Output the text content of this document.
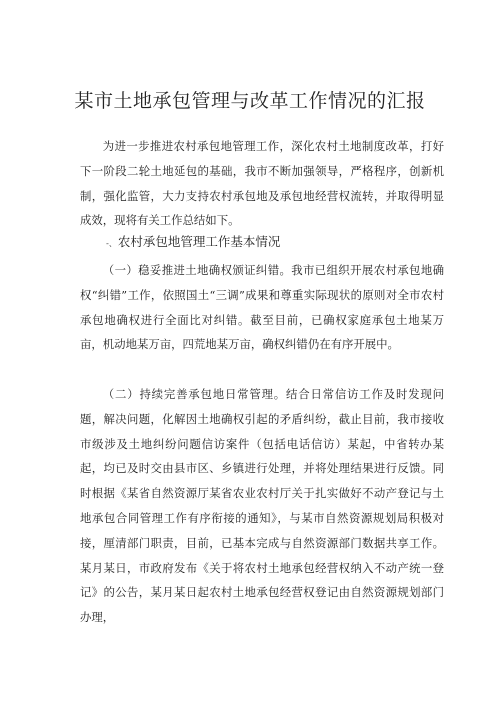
某市土地承包管理与改革工作情况的汇报

为进一步推进农村承包地管理工作，深化农村土地制度改革，打好下一阶段二轮土地延包的基础，我市不断加强领导，严格程序，创新机制，强化监管，大力支持农村承包地及承包地经营权流转，并取得明显成效，现将有关工作总结如下。

-、农村承包地管理工作基本情况

（一）稳妥推进土地确权颁证纠错。我市已组织开展农村承包地确权“纠错”工作，依照国土“三调”成果和尊重实际现状的原则对全市农村承包地确权进行全面比对纠错。截至目前，已确权家庭承包土地某万亩，机动地某万亩，四荒地某万亩，确权纠错仍在有序开展中。

（二）持续完善承包地日常管理。结合日常信访工作及时发现问题，解决问题，化解因土地确权引起的矛盾纠纷，截止目前，我市接收市级涉及土地纠纷问题信访案件（包括电话信访）某起，中省转办某起，均已及时交由县市区、乡镇进行处理，并将处理结果进行反馈。同时根据《某省自然资源厅某省农业农村厅关于扎实做好不动产登记与土地承包合同管理工作有序衔接的通知》，与某市自然资源规划局积极对接，厘清部门职责，目前，已基本完成与自然资源部门数据共享工作。某月某日，市政府发布《关于将农村土地承包经营权纳入不动产统一登记》的公告，某月某日起农村土地承包经营权登记由自然资源规划部门办理，
